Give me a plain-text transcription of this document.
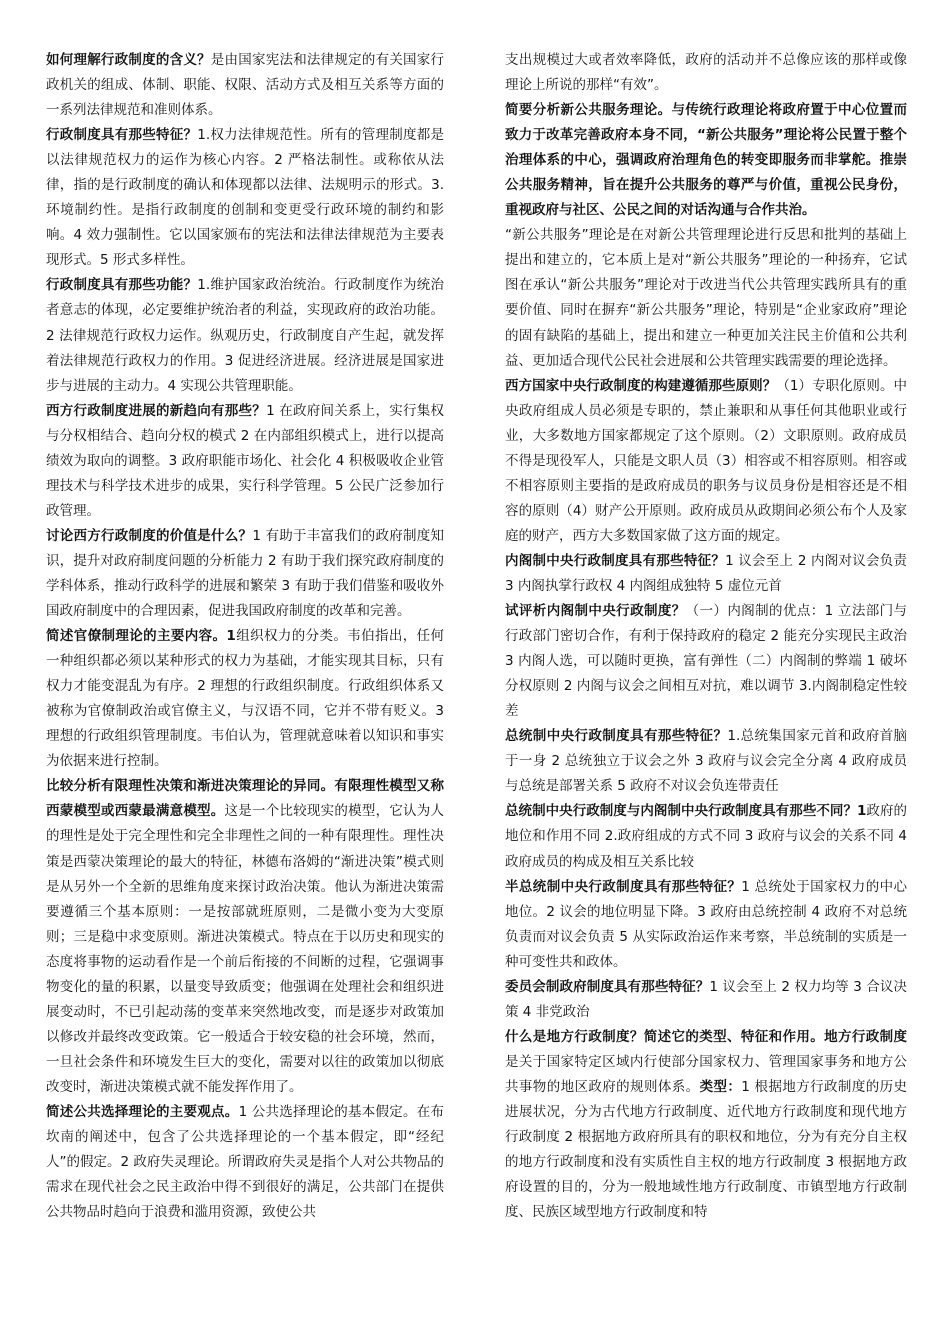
如何理解行政制度的含义？是由国家宪法和法律规定的有关国家行政机关的组成、体制、职能、权限、活动方式及相互关系等方面的一系列法律规范和准则体系。

行政制度具有那些特征？1.权力法律规范性。所有的管理制度都是以法律规范权力的运作为核心内容。2 严格法制性。或称依从法律，指的是行政制度的确认和体现都以法律、法规明示的形式。3.环境制约性。是指行政制度的创制和变更受行政环境的制约和影响。4 效力强制性。它以国家颁布的宪法和法律法律规范为主要表现形式。5 形式多样性。

行政制度具有那些功能？1.维护国家政治统治。行政制度作为统治者意志的体现，必定要维护统治者的利益，实现政府的政治功能。2 法律规范行政权力运作。纵观历史，行政制度自产生起，就发挥着法律规范行政权力的作用。3 促进经济进展。经济进展是国家进步与进展的主动力。4 实现公共管理职能。

西方行政制度进展的新趋向有那些？1 在政府间关系上，实行集权与分权相结合、趋向分权的模式 2 在内部组织模式上，进行以提高绩效为取向的调整。3 政府职能市场化、社会化 4 积极吸收企业管理技术与科学技术进步的成果，实行科学管理。5 公民广泛参加行政管理。

讨论西方行政制度的价值是什么？1 有助于丰富我们的政府制度知识，提升对政府制度问题的分析能力 2 有助于我们探究政府制度的学科体系，推动行政科学的进展和繁荣 3 有助于我们借鉴和吸收外国政府制度中的合理因素，促进我国政府制度的改革和完善。

简述官僚制理论的主要内容。1组织权力的分类。韦伯指出，任何一种组织都必须以某种形式的权力为基础，才能实现其目标，只有权力才能变混乱为有序。2 理想的行政组织制度。行政组织体系又被称为官僚制政治或官僚主义，与汉语不同，它并不带有贬义。3 理想的行政组织管理制度。韦伯认为，管理就意味着以知识和事实为依据来进行控制。

比较分析有限理性决策和渐进决策理论的异同。有限理性模型又称西蒙模型或西蒙最满意模型。这是一个比较现实的模型，它认为人的理性是处于完全理性和完全非理性之间的一种有限理性。理性决策是西蒙决策理论的最大的特征，林德布洛姆的“渐进决策”模式则是从另外一个全新的思维角度来探讨政治决策。他认为渐进决策需要遵循三个基本原则：一是按部就班原则，二是微小变为大变原则；三是稳中求变原则。渐进决策模式。特点在于以历史和现实的态度将事物的运动看作是一个前后衔接的不间断的过程，它强调事物变化的量的积累，以量变导致质变；他强调在处理社会和组织进展变动时，不已引起动荡的变革来突然地改变，而是逐步对政策加以修改并最终改变政策。它一般适合于较安稳的社会环境，然而，一旦社会条件和环境发生巨大的变化，需要对以往的政策加以彻底改变时，渐进决策模式就不能发挥作用了。

简述公共选择理论的主要观点。1 公共选择理论的基本假定。在布坎南的阐述中，包含了公共选择理论的一个基本假定，即“经纪人”的假定。2 政府失灵理论。所谓政府失灵是指个人对公共物品的需求在现代社会之民主政治中得不到很好的满足，公共部门在提供公共物品时趋向于浪费和滥用资源，致使公共

支出规模过大或者效率降低，政府的活动并不总像应该的那样或像理论上所说的那样“有效”。

简要分析新公共服务理论。与传统行政理论将政府置于中心位置而致力于改革完善政府本身不同，“新公共服务”理论将公民置于整个治理体系的中心，强调政府治理角色的转变即服务而非掌舵。推崇公共服务精神，旨在提升公共服务的尊严与价值，重视公民身份，重视政府与社区、公民之间的对话沟通与合作共治。

“新公共服务”理论是在对新公共管理理论进行反思和批判的基础上提出和建立的，它本质上是对“新公共服务”理论的一种扬弃，它试图在承认“新公共服务”理论对于改进当代公共管理实践所具有的重要价值、同时在摒弃“新公共服务”理论，特别是“企业家政府”理论的固有缺陷的基础上，提出和建立一种更加关注民主价值和公共利益、更加适合现代公民社会进展和公共管理实践需要的理论选择。

西方国家中央行政制度的构建遵循那些原则？（1）专职化原则。中央政府组成人员必须是专职的，禁止兼职和从事任何其他职业或行业，大多数地方国家都规定了这个原则。（2）文职原则。政府成员不得是现役军人，只能是文职人员（3）相容或不相容原则。相容或不相容原则主要指的是政府成员的职务与议员身份是相容还是不相容的原则（4）财产公开原则。政府成员从政期间必须公布个人及家庭的财产，西方大多数国家做了这方面的规定。

内阁制中央行政制度具有那些特征？1 议会至上 2 内阁对议会负责 3 内阁执掌行政权 4 内阁组成独特 5 虚位元首

试评析内阁制中央行政制度？（一）内阁制的优点：1 立法部门与行政部门密切合作，有利于保持政府的稳定 2 能充分实现民主政治 3 内阁人选，可以随时更换，富有弹性（二）内阁制的弊端 1 破坏分权原则 2 内阁与议会之间相互对抗，难以调节 3.内阁制稳定性较差

总统制中央行政制度具有那些特征？1.总统集国家元首和政府首脑于一身 2 总统独立于议会之外 3 政府与议会完全分离 4 政府成员与总统是部署关系 5 政府不对议会负连带责任

总统制中央行政制度与内阁制中央行政制度具有那些不同？1政府的地位和作用不同 2.政府组成的方式不同 3 政府与议会的关系不同 4 政府成员的构成及相互关系比较

半总统制中央行政制度具有那些特征？1 总统处于国家权力的中心地位。2 议会的地位明显下降。3 政府由总统控制 4 政府不对总统负责而对议会负责 5 从实际政治运作来考察，半总统制的实质是一种可变性共和政体。

委员会制政府制度具有那些特征？1 议会至上 2 权力均等 3 合议决策 4 非党政治

什么是地方行政制度？简述它的类型、特征和作用。地方行政制度是关于国家特定区域内行使部分国家权力、管理国家事务和地方公共事物的地区政府的规则体系。类型：1 根据地方行政制度的历史进展状况，分为古代地方行政制度、近代地方行政制度和现代地方行政制度 2 根据地方政府所具有的职权和地位，分为有充分自主权的地方行政制度和没有实质性自主权的地方行政制度 3 根据地方政府设置的目的，分为一般地域性地方行政制度、市镇型地方行政制度、民族区域型地方行政制度和特
